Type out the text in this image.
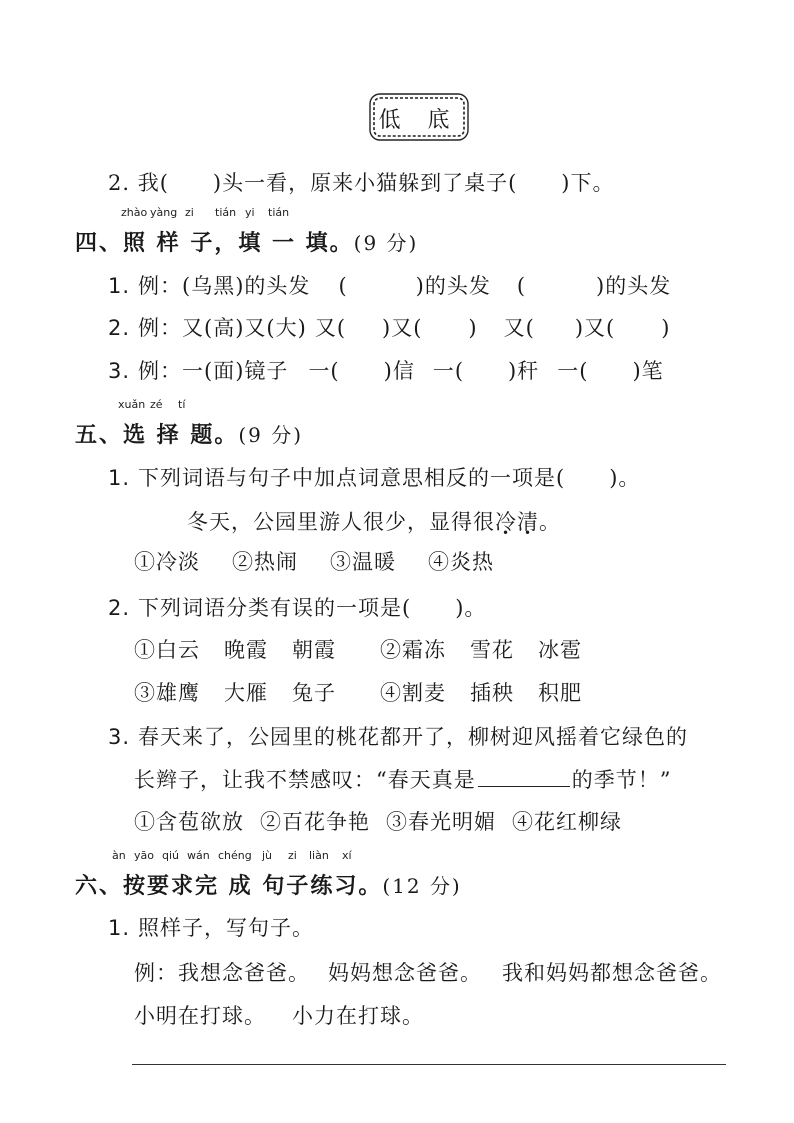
低 底
2. 我(　　)头一看，原来小猫躲到了桌子(　　)下。
zhào yàng zi tián yi tián
四、照 样 子，填 一 填。(9 分)
1. 例：(乌黑)的头发 (	)的头发 (	)的头发
2. 例：又(高)又(大) 又( )又( ) 又( )又( )
3. 例：一(面)镜子 一( )信 一( )秆 一( )笔
xuǎn zé tí
五、选 择 题。(9 分)
1. 下列词语与句子中加点词意思相反的一项是(　　)。
冬天，公园里游人很少，显得很冷清。
①冷淡 ②热闹 ③温暖 ④炎热
2. 下列词语分类有误的一项是(　　)。
①白云 晚霞 朝霞 ②霜冻 雪花 冰雹
③雄鹰 大雁 兔子 ④割麦 插秧 积肥
3. 春天来了，公园里的桃花都开了，柳树迎风摇着它绿色的
长辫子，让我不禁感叹：“春天真是	的季节！”
①含苞欲放 ②百花争艳 ③春光明媚 ④花红柳绿
àn yāo qiú wán chéng jù zi liàn xí
六、按要求完 成 句子练习。(12 分)
1. 照样子，写句子。
例：我想念爸爸。 妈妈想念爸爸。 我和妈妈都想念爸爸。
小明在打球。 小力在打球。
